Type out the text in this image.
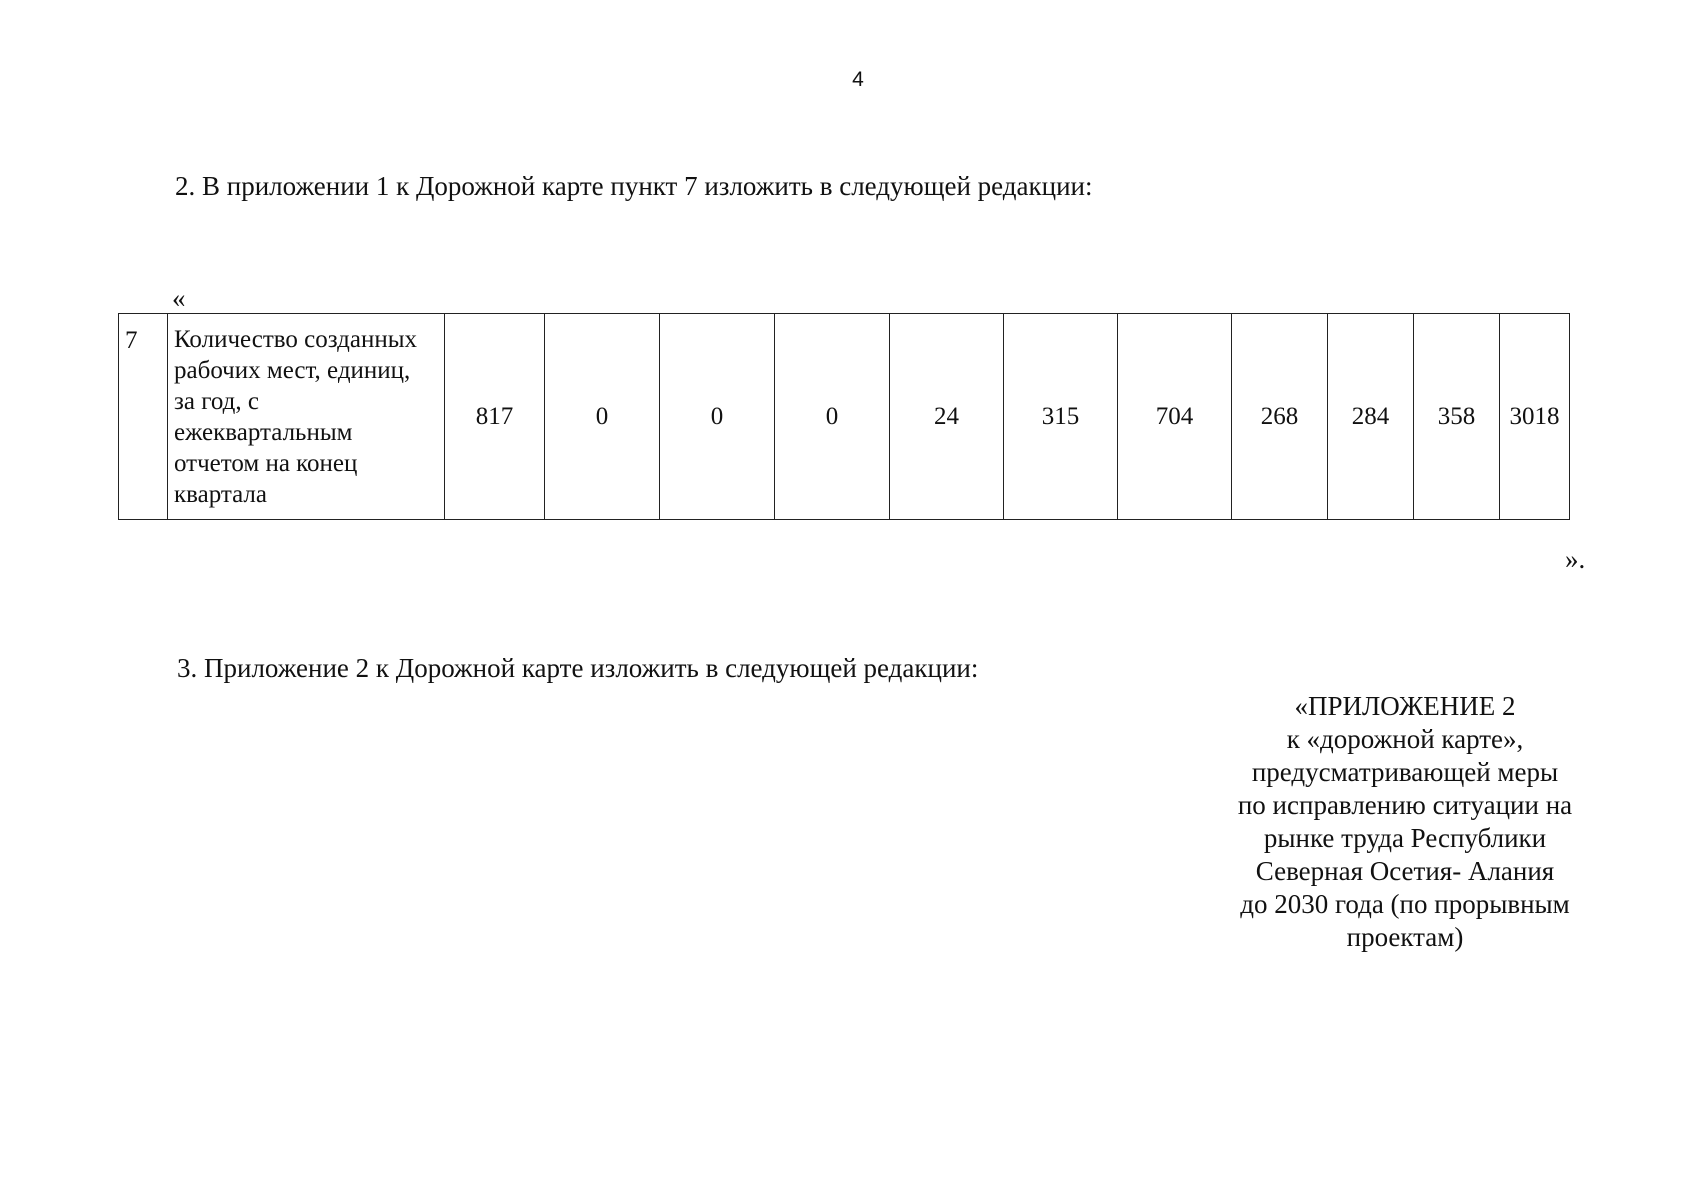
4
2. В приложении 1 к Дорожной карте пункт 7 изложить в следующей редакции:
«
7	Количество созданных
рабочих мест, единиц,
за год, с
ежеквартальным
отчетом на конец
квартала	817	0	0	0	24	315	704	268	284	358	3018
».
3. Приложение 2 к Дорожной карте изложить в следующей редакции:
«ПРИЛОЖЕНИЕ 2
к «дорожной карте»,
предусматривающей меры
по исправлению ситуации на
рынке труда Республики
Северная Осетия- Алания
до 2030 года (по прорывным
проектам)
